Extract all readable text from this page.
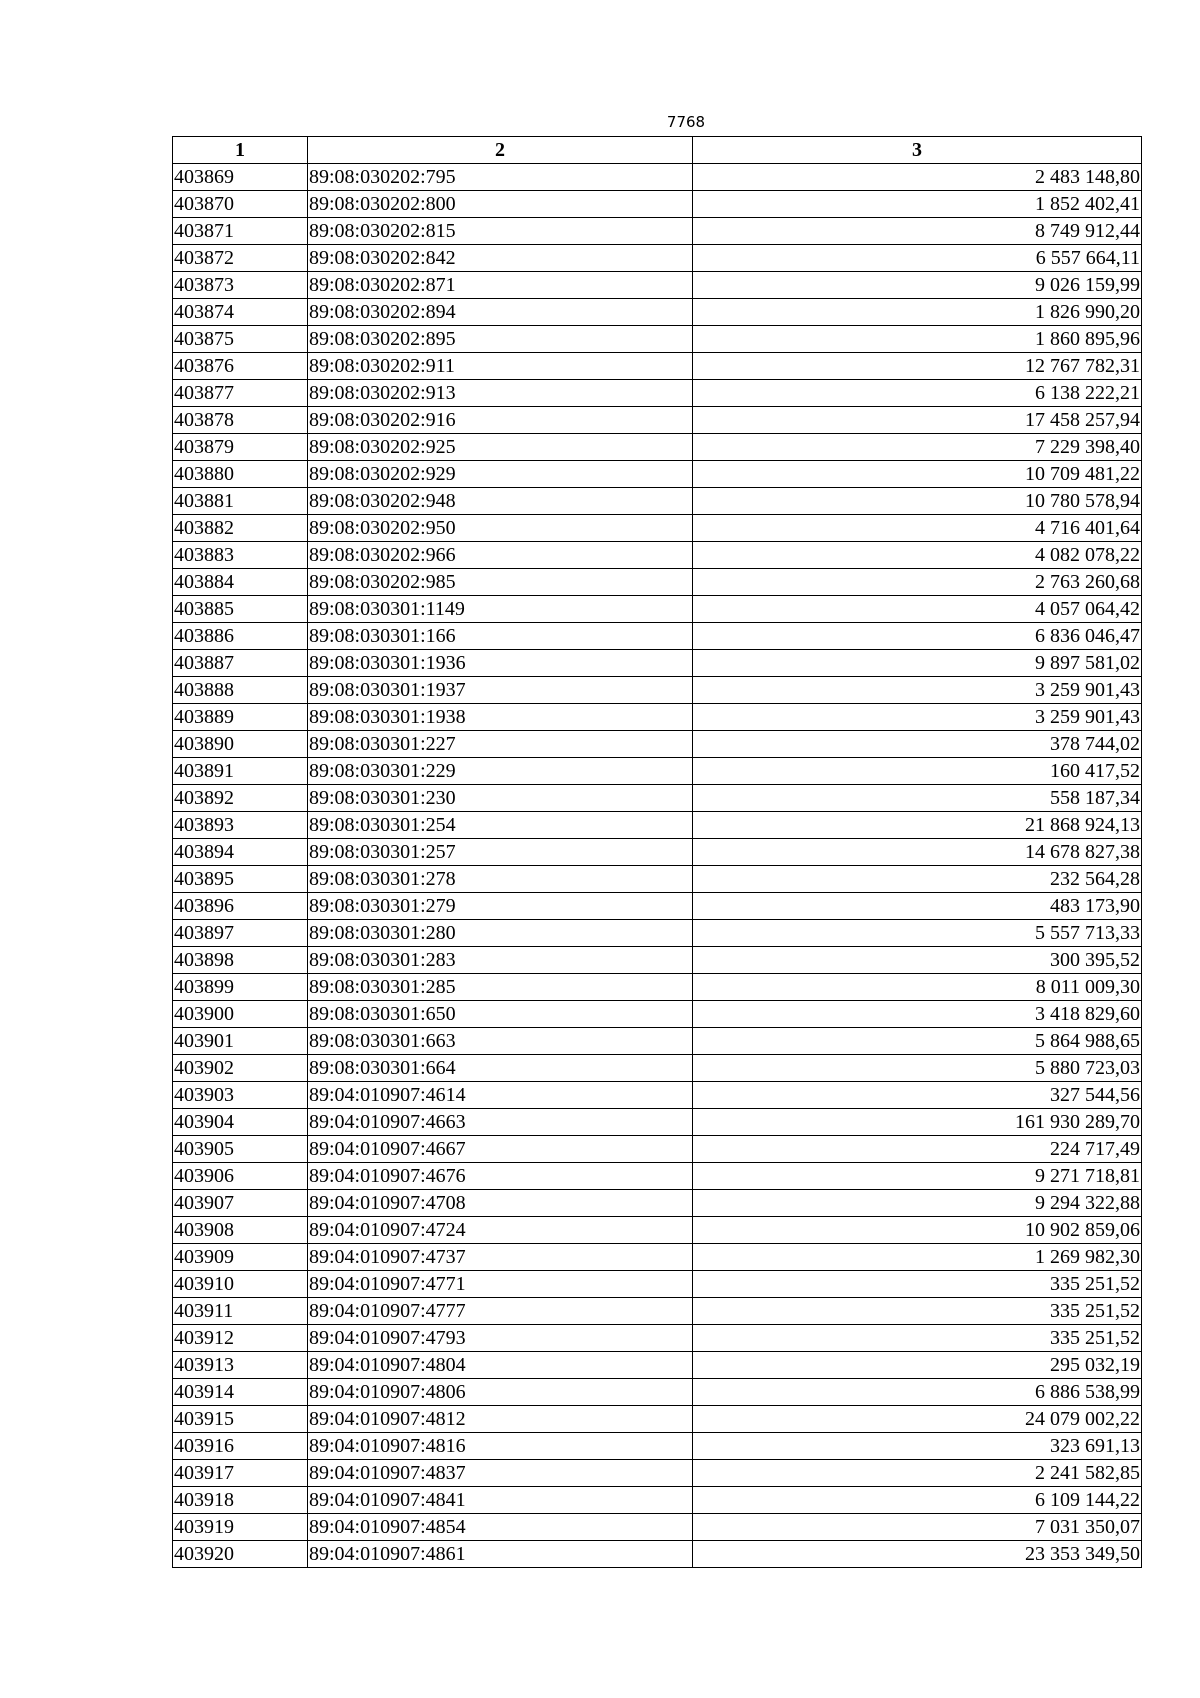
7768
1	2	3
403869	89:08:030202:795	2 483 148,80
403870	89:08:030202:800	1 852 402,41
403871	89:08:030202:815	8 749 912,44
403872	89:08:030202:842	6 557 664,11
403873	89:08:030202:871	9 026 159,99
403874	89:08:030202:894	1 826 990,20
403875	89:08:030202:895	1 860 895,96
403876	89:08:030202:911	12 767 782,31
403877	89:08:030202:913	6 138 222,21
403878	89:08:030202:916	17 458 257,94
403879	89:08:030202:925	7 229 398,40
403880	89:08:030202:929	10 709 481,22
403881	89:08:030202:948	10 780 578,94
403882	89:08:030202:950	4 716 401,64
403883	89:08:030202:966	4 082 078,22
403884	89:08:030202:985	2 763 260,68
403885	89:08:030301:1149	4 057 064,42
403886	89:08:030301:166	6 836 046,47
403887	89:08:030301:1936	9 897 581,02
403888	89:08:030301:1937	3 259 901,43
403889	89:08:030301:1938	3 259 901,43
403890	89:08:030301:227	378 744,02
403891	89:08:030301:229	160 417,52
403892	89:08:030301:230	558 187,34
403893	89:08:030301:254	21 868 924,13
403894	89:08:030301:257	14 678 827,38
403895	89:08:030301:278	232 564,28
403896	89:08:030301:279	483 173,90
403897	89:08:030301:280	5 557 713,33
403898	89:08:030301:283	300 395,52
403899	89:08:030301:285	8 011 009,30
403900	89:08:030301:650	3 418 829,60
403901	89:08:030301:663	5 864 988,65
403902	89:08:030301:664	5 880 723,03
403903	89:04:010907:4614	327 544,56
403904	89:04:010907:4663	161 930 289,70
403905	89:04:010907:4667	224 717,49
403906	89:04:010907:4676	9 271 718,81
403907	89:04:010907:4708	9 294 322,88
403908	89:04:010907:4724	10 902 859,06
403909	89:04:010907:4737	1 269 982,30
403910	89:04:010907:4771	335 251,52
403911	89:04:010907:4777	335 251,52
403912	89:04:010907:4793	335 251,52
403913	89:04:010907:4804	295 032,19
403914	89:04:010907:4806	6 886 538,99
403915	89:04:010907:4812	24 079 002,22
403916	89:04:010907:4816	323 691,13
403917	89:04:010907:4837	2 241 582,85
403918	89:04:010907:4841	6 109 144,22
403919	89:04:010907:4854	7 031 350,07
403920	89:04:010907:4861	23 353 349,50
